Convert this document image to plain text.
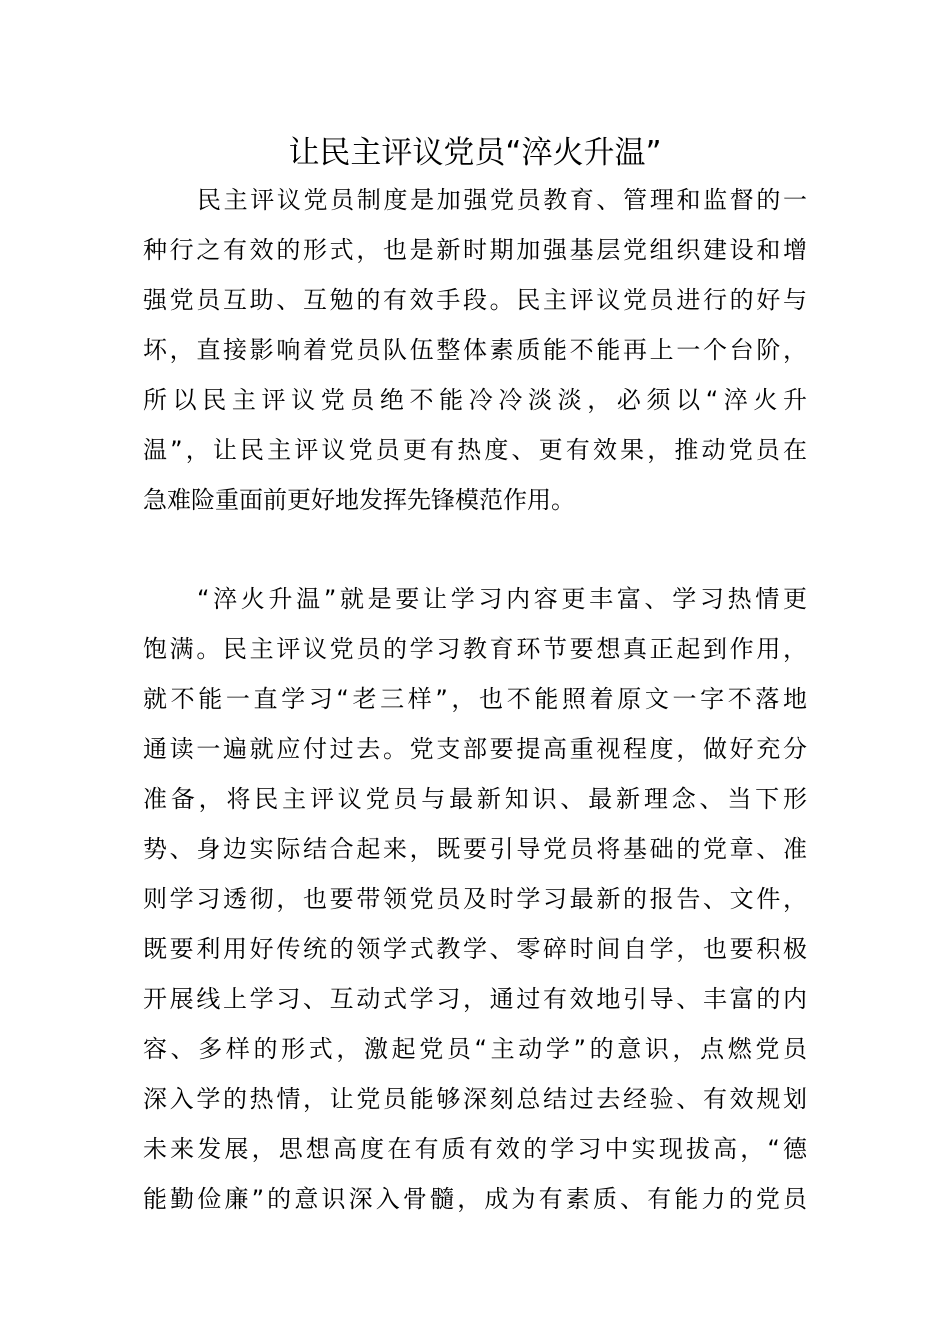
让民主评议党员“淬火升温”
民主评议党员制度是加强党员教育、管理和监督的一
种行之有效的形式，也是新时期加强基层党组织建设和增
强党员互助、互勉的有效手段。民主评议党员进行的好与
坏，直接影响着党员队伍整体素质能不能再上一个台阶，
所以民主评议党员绝不能冷冷淡淡，必须以“淬火升
温”，让民主评议党员更有热度、更有效果，推动党员在
急难险重面前更好地发挥先锋模范作用。
“淬火升温”就是要让学习内容更丰富、学习热情更
饱满。民主评议党员的学习教育环节要想真正起到作用，
就不能一直学习“老三样”，也不能照着原文一字不落地
通读一遍就应付过去。党支部要提高重视程度，做好充分
准备，将民主评议党员与最新知识、最新理念、当下形
势、身边实际结合起来，既要引导党员将基础的党章、准
则学习透彻，也要带领党员及时学习最新的报告、文件，
既要利用好传统的领学式教学、零碎时间自学，也要积极
开展线上学习、互动式学习，通过有效地引导、丰富的内
容、多样的形式，激起党员“主动学”的意识，点燃党员
深入学的热情，让党员能够深刻总结过去经验、有效规划
未来发展，思想高度在有质有效的学习中实现拔高，“德
能勤俭廉”的意识深入骨髓，成为有素质、有能力的党员
